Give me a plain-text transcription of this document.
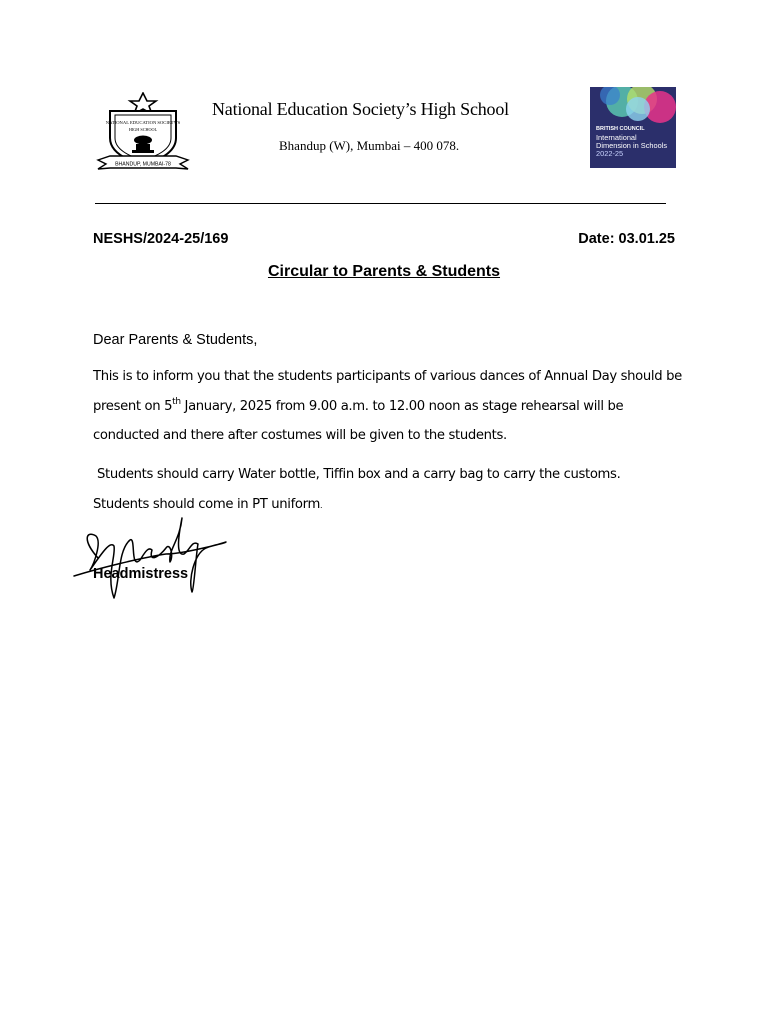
NATIONAL EDUCATION SOCIETY'S
HIGH SCHOOL
BHANDUP, MUMBAI-78
National Education Society’s High School
Bhandup (W), Mumbai – 400 078.
BRITISH COUNCIL
International
Dimension in Schools
2022-25
NESHS/2024-25/169	Date: 03.01.25
Circular to Parents & Students
Dear Parents & Students,
This is to inform you that the students participants of various dances of Annual Day should be present on 5th January, 2025 from 9.00 a.m. to 12.00 noon as stage rehearsal will be conducted and there after costumes will be given to the students.
Students should carry Water bottle, Tiffin box and a carry bag to carry the customs.
Students should come in PT uniform.
Headmistress
